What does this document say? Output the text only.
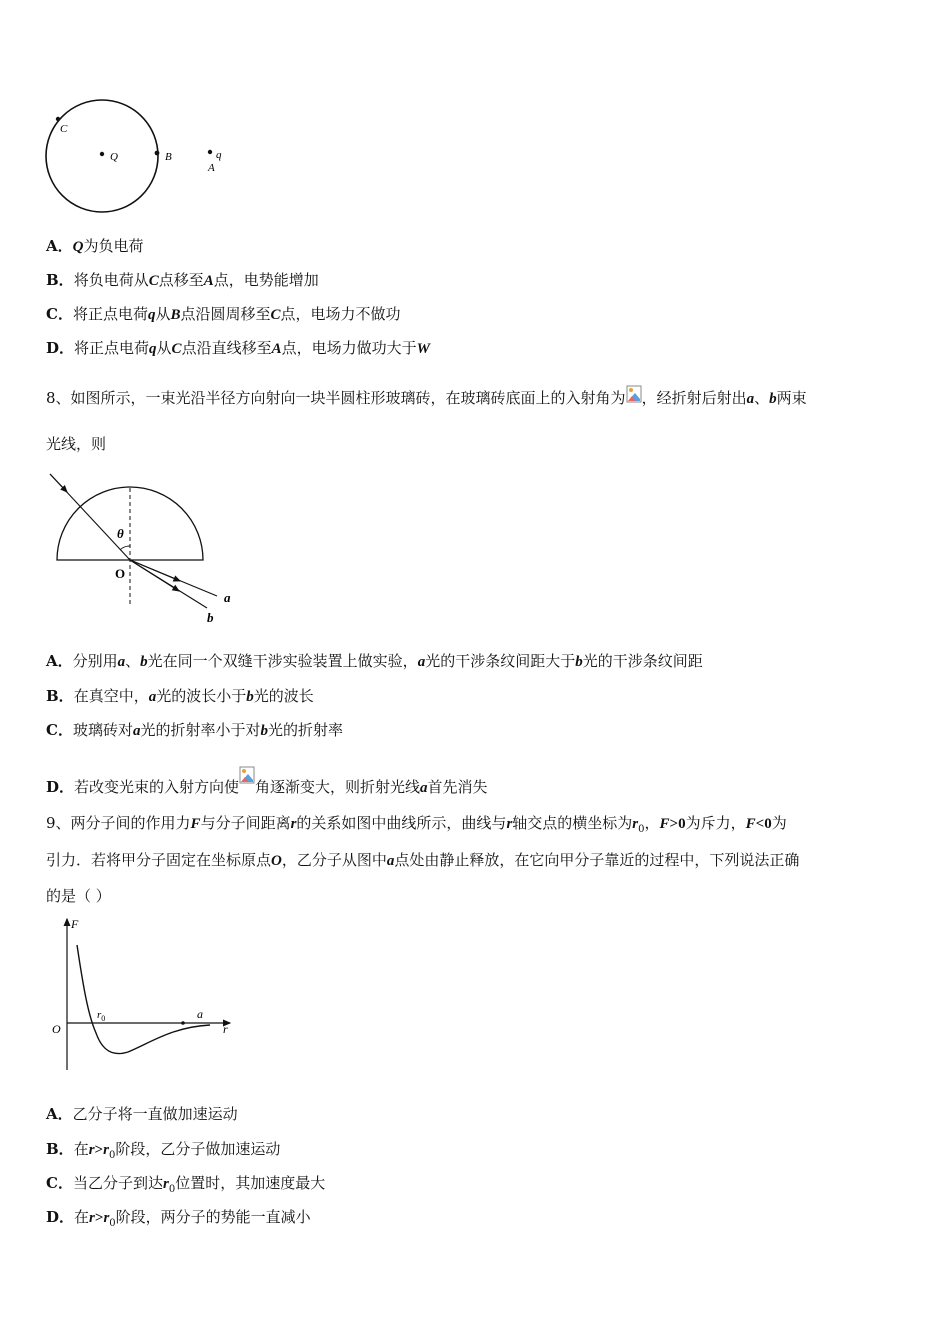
C
Q	B	q
A
A．Q为负电荷
B．将负电荷从C点移至A点，电势能增加
C．将正点电荷q从B点沿圆周移至C点，电场力不做功
D．将正点电荷q从C点沿直线移至A点，电场力做功大于W
8、如图所示，一束光沿半径方向射向一块半圆柱形玻璃砖，在玻璃砖底面上的入射角为 ，经折射后射出a、b两束
光线，则
θ
O
a
b
A．分别用a、b光在同一个双缝干涉实验装置上做实验，a光的干涉条纹间距大于b光的干涉条纹间距
B．在真空中，a光的波长小于b光的波长
C．玻璃砖对a光的折射率小于对b光的折射率
D．若改变光束的入射方向使 角逐渐变大，则折射光线a首先消失
9、两分子间的作用力F与分子间距离r的关系如图中曲线所示，曲线与r轴交点的横坐标为$r_0$，F>0为斥力，F<0为
引力．若将甲分子固定在坐标原点O，乙分子从图中a点处由静止释放，在它向甲分子靠近的过程中，下列说法正确
的是（ ）
F
O	r
$r_0$	a
A．乙分子将一直做加速运动
B．在$r>r_0$阶段，乙分子做加速运动
C．当乙分子到达$r_0$位置时，其加速度最大
D．在$r>r_0$阶段，两分子的势能一直减小
